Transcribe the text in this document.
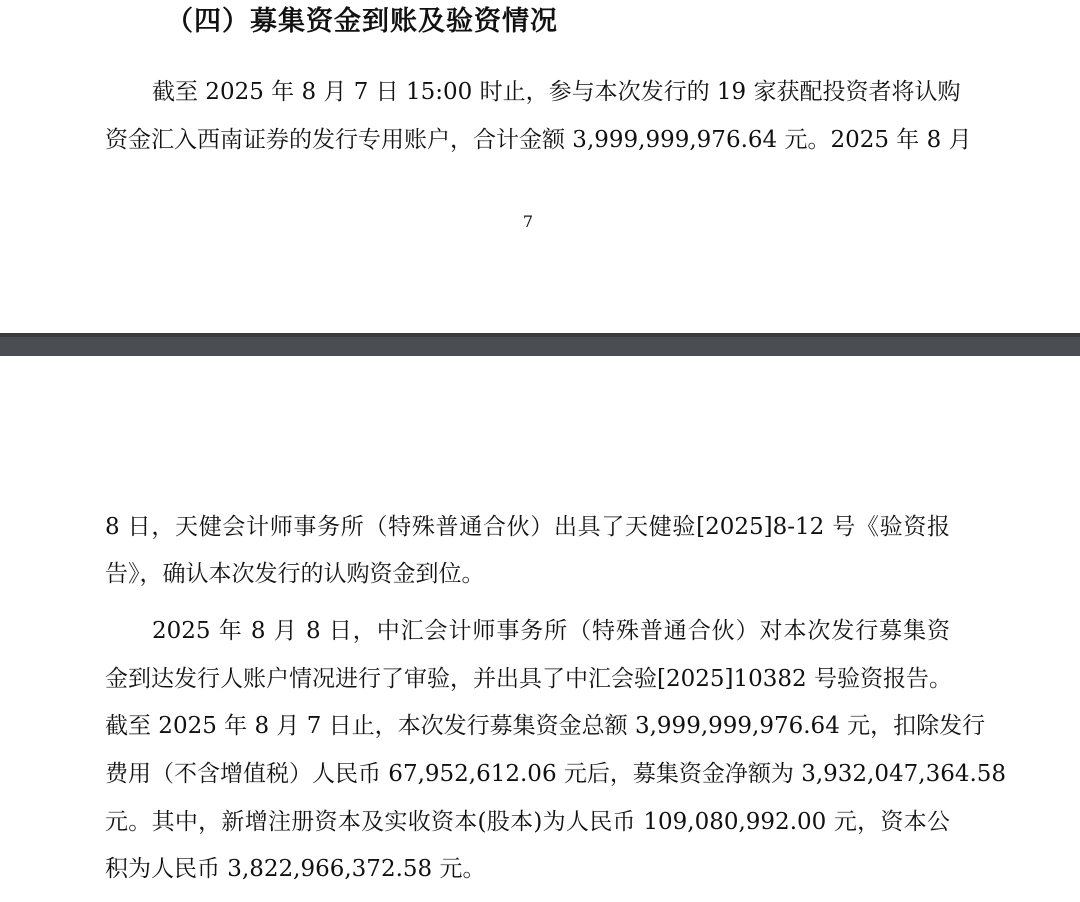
（四）募集资金到账及验资情况
截至 2025 年 8 月 7 日 15:00 时止，参与本次发行的 19 家获配投资者将认购
资金汇入西南证券的发行专用账户，合计金额 3,999,999,976.64 元。2025 年 8 月
7
8 日，天健会计师事务所（特殊普通合伙）出具了天健验[2025]8-12 号《验资报
告》，确认本次发行的认购资金到位。
2025 年 8 月 8 日，中汇会计师事务所（特殊普通合伙）对本次发行募集资
金到达发行人账户情况进行了审验，并出具了中汇会验[2025]10382 号验资报告。
截至 2025 年 8 月 7 日止，本次发行募集资金总额 3,999,999,976.64 元，扣除发行
费用（不含增值税）人民币 67,952,612.06 元后，募集资金净额为 3,932,047,364.58
元。其中，新增注册资本及实收资本(股本)为人民币 109,080,992.00 元，资本公
积为人民币 3,822,966,372.58 元。
